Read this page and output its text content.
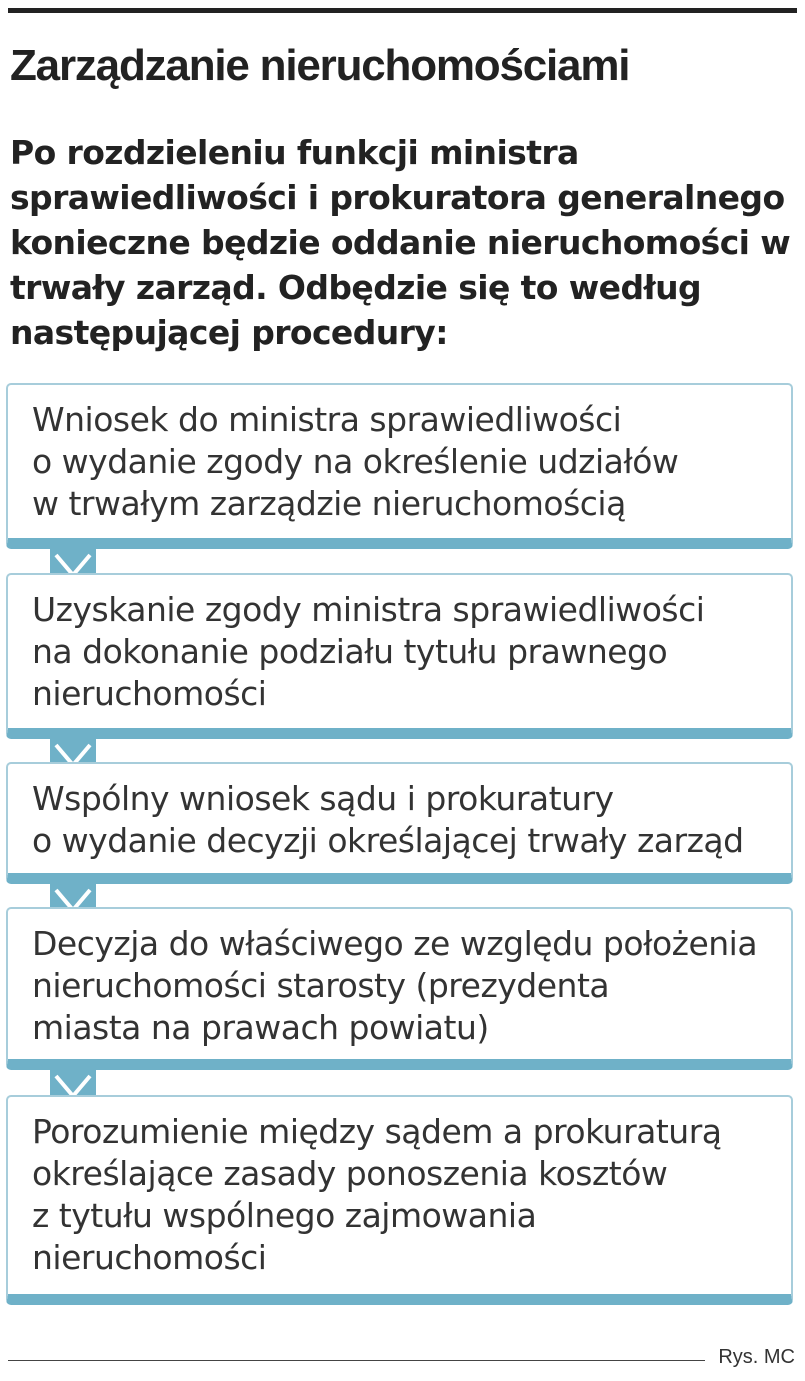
Zarządzanie nieruchomościami

Po rozdzieleniu funkcji ministra sprawiedliwości i prokuratora generalnego konieczne będzie oddanie nieruchomości w trwały zarząd. Odbędzie się to według następującej procedury:

Wniosek do ministra sprawiedliwości
o wydanie zgody na określenie udziałów
w trwałym zarządzie nieruchomością
Uzyskanie zgody ministra sprawiedliwości
na dokonanie podziału tytułu prawnego
nieruchomości
Wspólny wniosek sądu i prokuratury
o wydanie decyzji określającej trwały zarząd
Decyzja do właściwego ze względu położenia
nieruchomości starosty (prezydenta
miasta na prawach powiatu)
Porozumienie między sądem a prokuraturą
określające zasady ponoszenia kosztów
z tytułu wspólnego zajmowania
nieruchomości

Rys. MC
